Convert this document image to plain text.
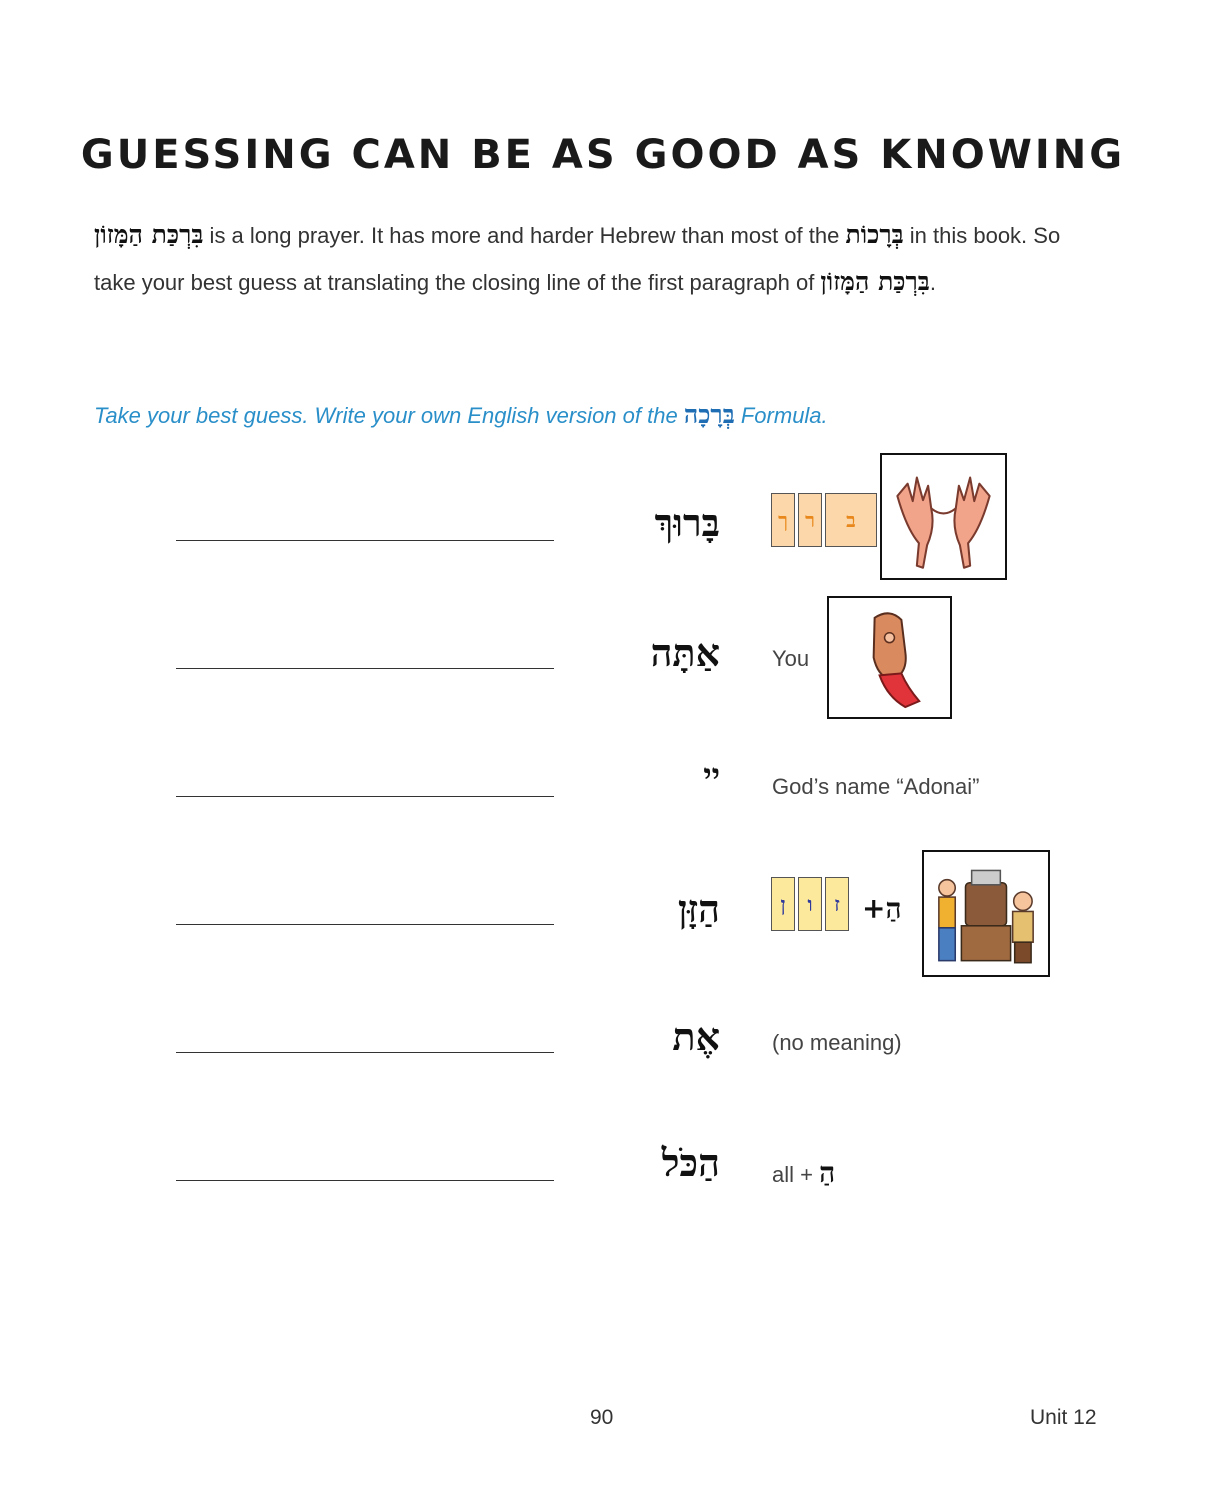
GUESSING CAN BE AS GOOD AS KNOWING
בִּרְכַּת הַמָּזוֹן is a long prayer. It has more and harder Hebrew than most of the בְּרָכוֹת in this book. So take your best guess at translating the closing line of the first paragraph of בִּרְכַּת הַמָּזוֹן.
Take your best guess. Write your own English version of the בְּרָכָה Formula.
בָּרוּךְ	ך ר	ב
אַתָּה You
יי God’s name “Adonai”
הַזָּן	ן	ו	ז +הַ
אֶת (no meaning)
הַכֹּל all + הַ
90	Unit 12
